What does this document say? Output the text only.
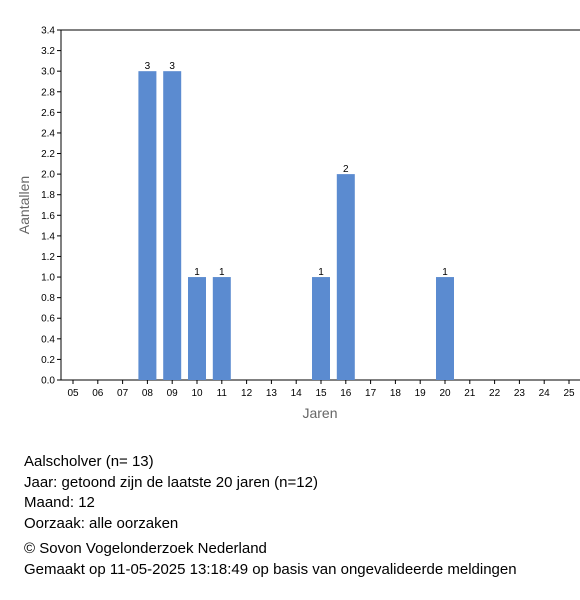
0.0
0.2
0.4
0.6
0.8
1.0
1.2
1.4
1.6
1.8
2.0
2.2
2.4
2.6
2.8
3.0
3.2
3.4
05 06 07 08
3
09
3
10
1
11
1
12 13 14 15
1
16
2
17 18 19 20
1
21 22 23 24 25
Jaren
Aantallen
Aalscholver (n= 13)
Jaar: getoond zijn de laatste 20 jaren (n=12)
Maand: 12
Oorzaak: alle oorzaken
© Sovon Vogelonderzoek Nederland
Gemaakt op 11-05-2025 13:18:49 op basis van ongevalideerde meldingen
